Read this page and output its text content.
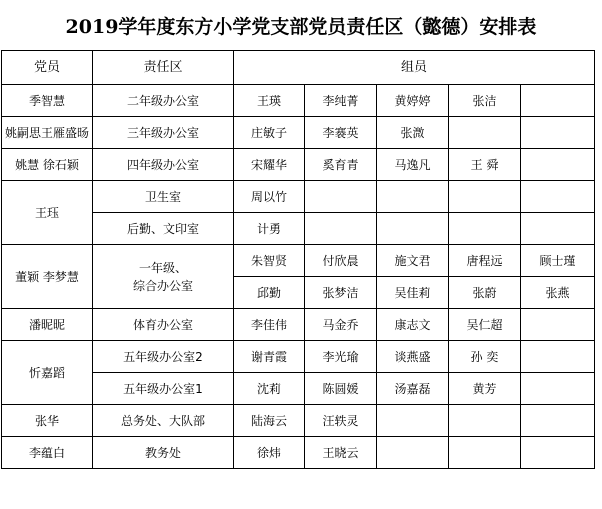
2019学年度东方小学党支部党员责任区（懿德）安排表
党员	责任区	组员				
季智慧	二年级办公室	王瑛	李纯菁	黄婷婷	张洁	
姚嗣思王雁盛旸	三年级办公室	庄敏子	李褰英	张溦		
姚慧 徐石颖	四年级办公室	宋耀华	奚育青	马逸凡	王 舜	
王珏	卫生室	周以竹				
	后勤、文印室	计勇				
董颖 李梦慧	一年级、
综合办公室	朱智贤	付欣晨	施文君	唐程远	顾士瑾
		邱勤	张梦洁	吴佳莉	张蔚	张燕
潘昵昵	体育办公室	李佳伟	马金乔	康志文	吴仁超	
忻嘉蹈	五年级办公室2	谢青霞	李光瑜	谈燕盛	孙 奕	
	五年级办公室1	沈莉	陈圆媛	汤嘉磊	黄芳	
张华	总务处、大队部	陆海云	汪轶灵			
李蕴白	教务处	徐炜	王晓云			
